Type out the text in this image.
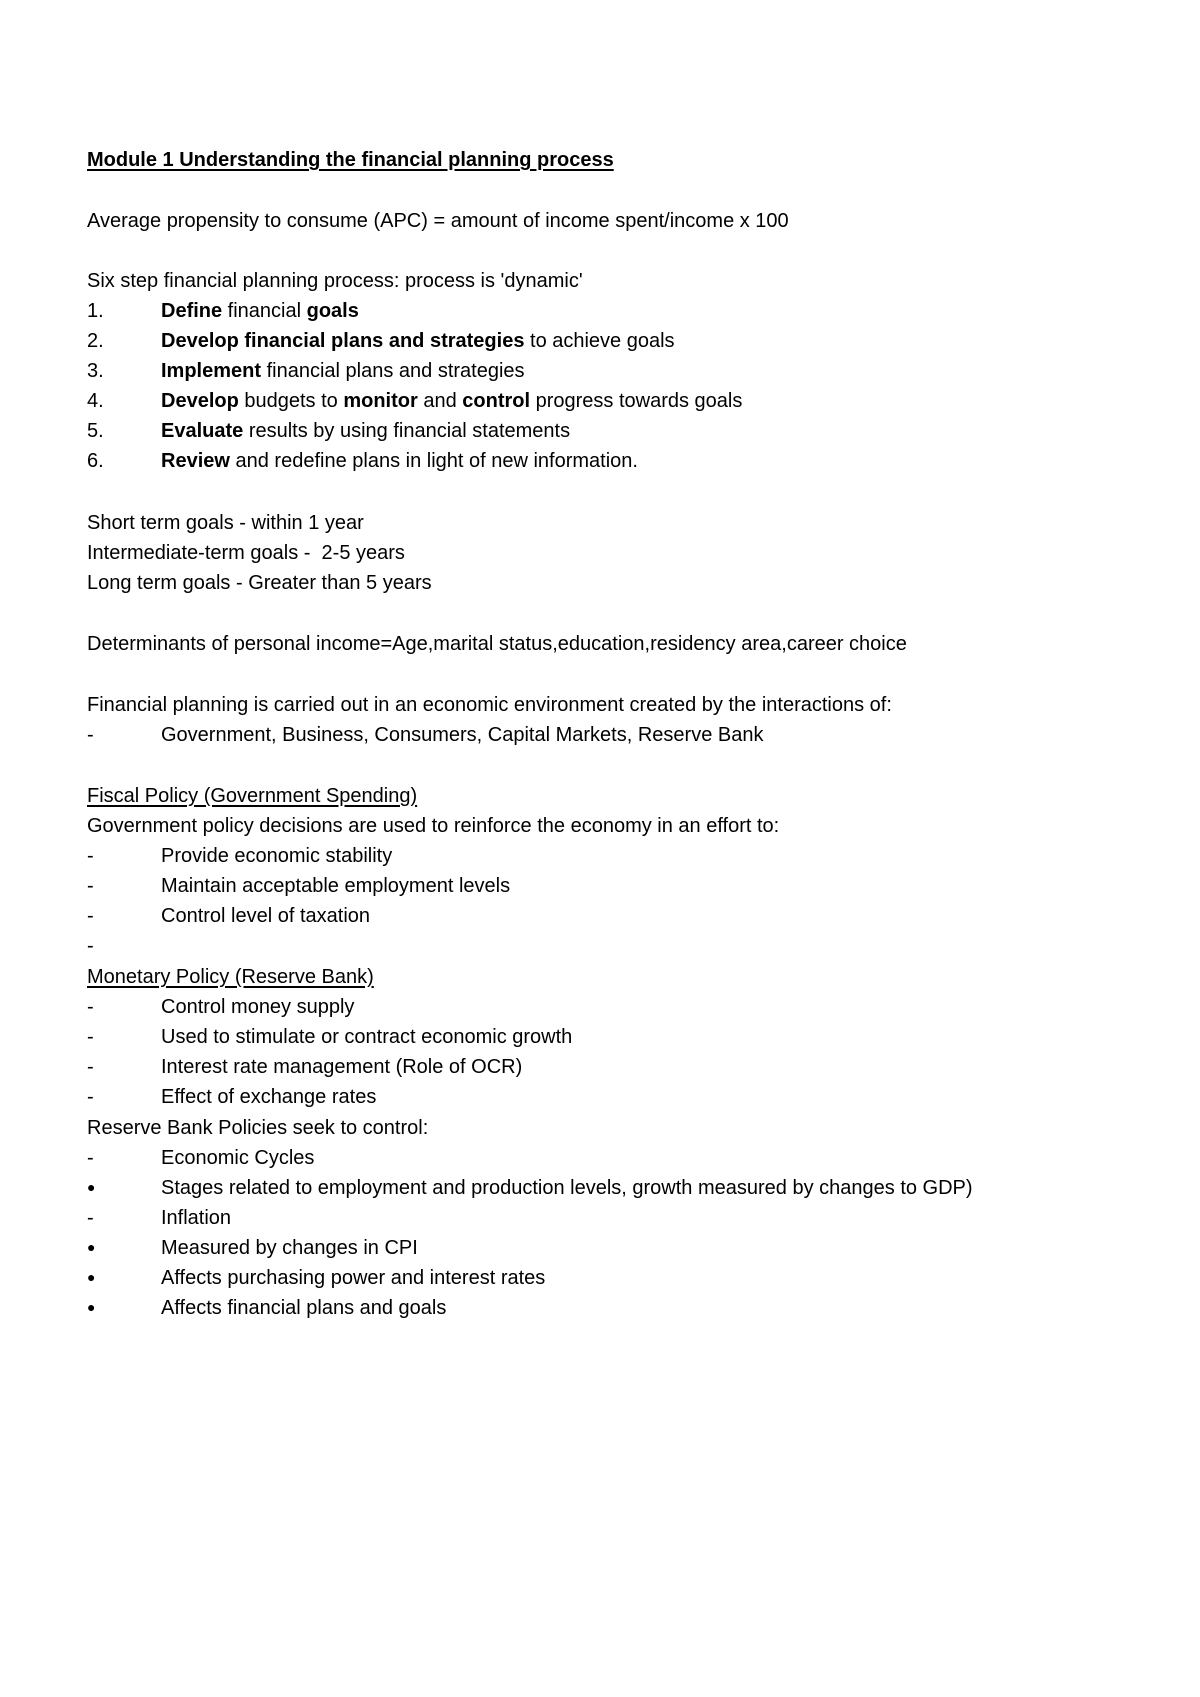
Module 1 Understanding the financial planning process
Average propensity to consume (APC) = amount of income spent/income x 100
Six step financial planning process: process is 'dynamic'
1.	Define financial goals
2.	Develop financial plans and strategies to achieve goals
3.	Implement financial plans and strategies
4.	Develop budgets to monitor and control progress towards goals
5.	Evaluate results by using financial statements
6.	Review and redefine plans in light of new information.
Short term goals - within 1 year
Intermediate-term goals -  2-5 years
Long term goals - Greater than 5 years
Determinants of personal income=Age,marital status,education,residency area,career choice
Financial planning is carried out in an economic environment created by the interactions of:

-

	Government, Business, Consumers, Capital Markets, Reserve Bank

Fiscal Policy (Government Spending)
Government policy decisions are used to reinforce the economy in an effort to:
-	Provide economic stability
-	Maintain acceptable employment levels
-	Control level of taxation
-
Monetary Policy (Reserve Bank)
-	Control money supply
-	Used to stimulate or contract economic growth
-	Interest rate management (Role of OCR)
-	Effect of exchange rates
Reserve Bank Policies seek to control:
-	Economic Cycles
●	Stages related to employment and production levels, growth measured by changes to GDP)
-	Inflation
●	Measured by changes in CPI
●	Affects purchasing power and interest rates
●	Affects financial plans and goals
